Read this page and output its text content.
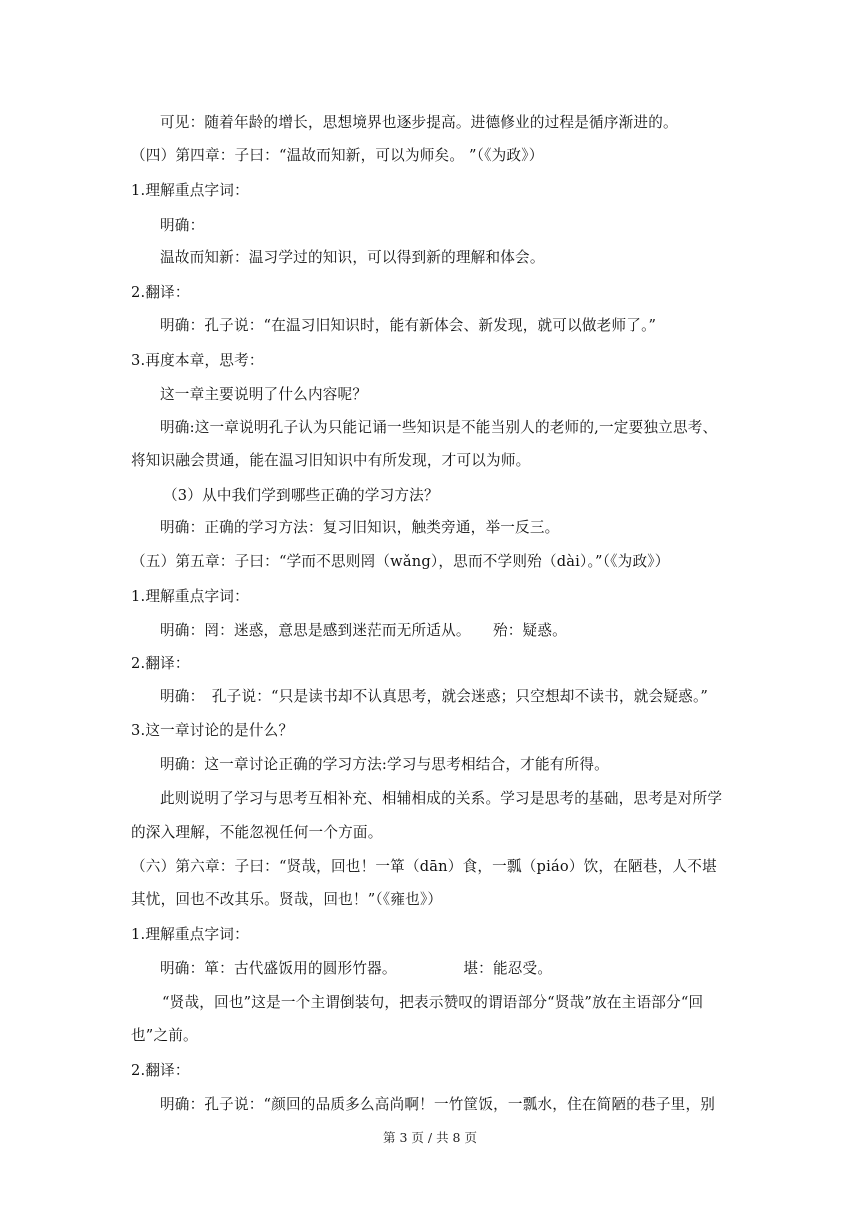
可见：随着年龄的增长，思想境界也逐步提高。进德修业的过程是循序渐进的。
（四）第四章：子曰：“温故而知新，可以为师矣。 ”（《为政》）
1.理解重点字词：
明确：
温故而知新：温习学过的知识，可以得到新的理解和体会。
2.翻译：
明确：孔子说：“在温习旧知识时，能有新体会、新发现，就可以做老师了。”
3.再度本章，思考：
这一章主要说明了什么内容呢？
明确:这一章说明孔子认为只能记诵一些知识是不能当别人的老师的,一定要独立思考、
将知识融会贯通，能在温习旧知识中有所发现，才可以为师。
（3）从中我们学到哪些正确的学习方法？
明确：正确的学习方法：复习旧知识，触类旁通，举一反三。
（五）第五章：子曰：“学而不思则罔（wǎng），思而不学则殆（dài）。”（《为政》）
1.理解重点字词：
明确：罔：迷惑，意思是感到迷茫而无所适从。　　殆：疑惑。
2.翻译：
明确：　孔子说：“只是读书却不认真思考，就会迷惑；只空想却不读书，就会疑惑。”
3.这一章讨论的是什么？
明确：这一章讨论正确的学习方法:学习与思考相结合，才能有所得。
此则说明了学习与思考互相补充、相辅相成的关系。学习是思考的基础，思考是对所学
的深入理解，不能忽视任何一个方面。
（六）第六章：子曰：“贤哉，回也！一箪（dān）食，一瓢（piáo）饮，在陋巷，人不堪
其忧，回也不改其乐。贤哉，回也！”（《雍也》）
1.理解重点字词：
明确：箪：古代盛饭用的圆形竹器。　　　　　堪：能忍受。
“贤哉，回也”这是一个主谓倒装句，把表示赞叹的谓语部分“贤哉”放在主语部分“回
也”之前。
2.翻译：
明确：孔子说：“颜回的品质多么高尚啊！一竹筐饭，一瓢水，住在简陋的巷子里，别
第 3 页 / 共 8 页
